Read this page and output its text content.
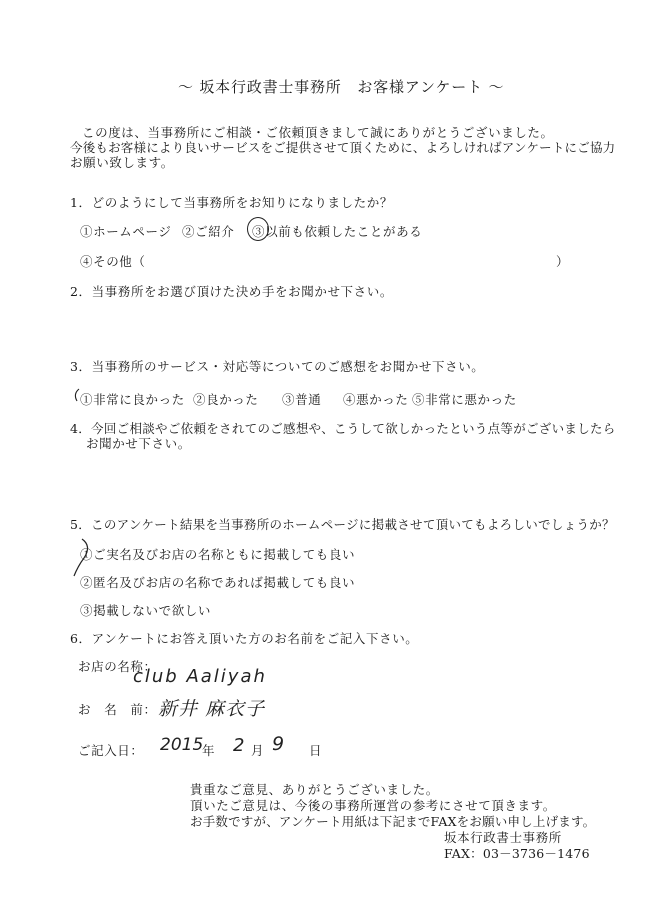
～ 坂本行政書士事務所　お客様アンケート ～
この度は、当事務所にご相談・ご依頼頂きまして誠にありがとうございました。
今後もお客様により良いサービスをご提供させて頂くために、よろしければアンケートにご協力
お願い致します。
1．どのようにして当事務所をお知りになりましたか？
①ホームページ ②ご紹介 ③以前も依頼したことがある
④その他（	）
2．当事務所をお選び頂けた決め手をお聞かせ下さい。
3．当事務所のサービス・対応等についてのご感想をお聞かせ下さい。
①非常に良かった ②良かった ③普通 ④悪かった ⑤非常に悪かった
4．今回ご相談やご依頼をされてのご感想や、こうして欲しかったという点等がございましたら
お聞かせ下さい。
5．このアンケート結果を当事務所のホームページに掲載させて頂いてもよろしいでしょうか？
①ご実名及びお店の名称ともに掲載しても良い
②匿名及びお店の名称であれば掲載しても良い
③掲載しないで欲しい
6．アンケートにお答え頂いた方のお名前をご記入下さい。
お店の名称：
club Aaliyah
お　名　前： 新井 麻衣子
ご記入日： 2015
年 2 月 9 日
貴重なご意見、ありがとうございました。
頂いたご意見は、今後の事務所運営の参考にさせて頂きます。
お手数ですが、アンケート用紙は下記までFAXをお願い申し上げます。
坂本行政書士事務所
FAX：03－3736－1476
